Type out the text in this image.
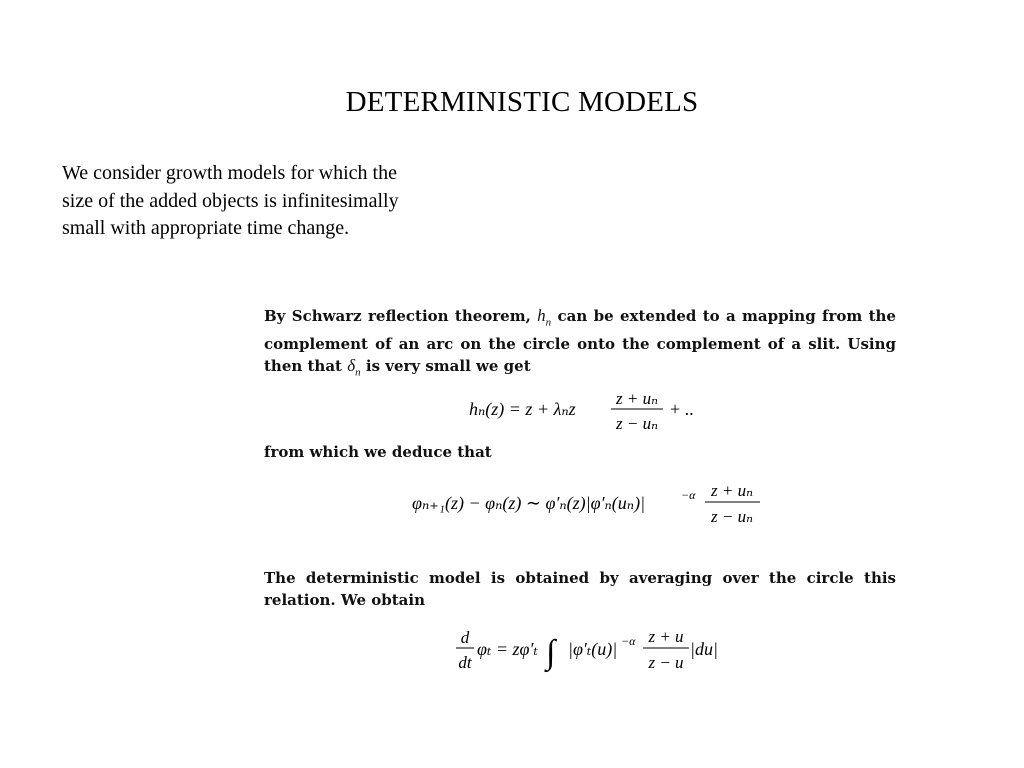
DETERMINISTIC MODELS
We consider growth models for which the size of the added objects is infinitesimally small with appropriate time change.
By Schwarz reflection theorem, $h_n$ can be extended to a mapping from the complement of an arc on the circle onto the complement of a slit. Using then that $\delta_n$ is very small we get
hₙ(z) = z + λₙz
z + uₙ
z − uₙ
+ ..
from which we deduce that
φₙ₊₁(z) − φₙ(z) ∼ φ′ₙ(z)|φ′ₙ(uₙ)|	−α z + uₙ
z − uₙ
The deterministic model is obtained by averaging over the circle this relation. We obtain
d
dt
φₜ = zφ′ₜ ∫ |φ′ₜ(u)| −α z + u
z − u
|du|
